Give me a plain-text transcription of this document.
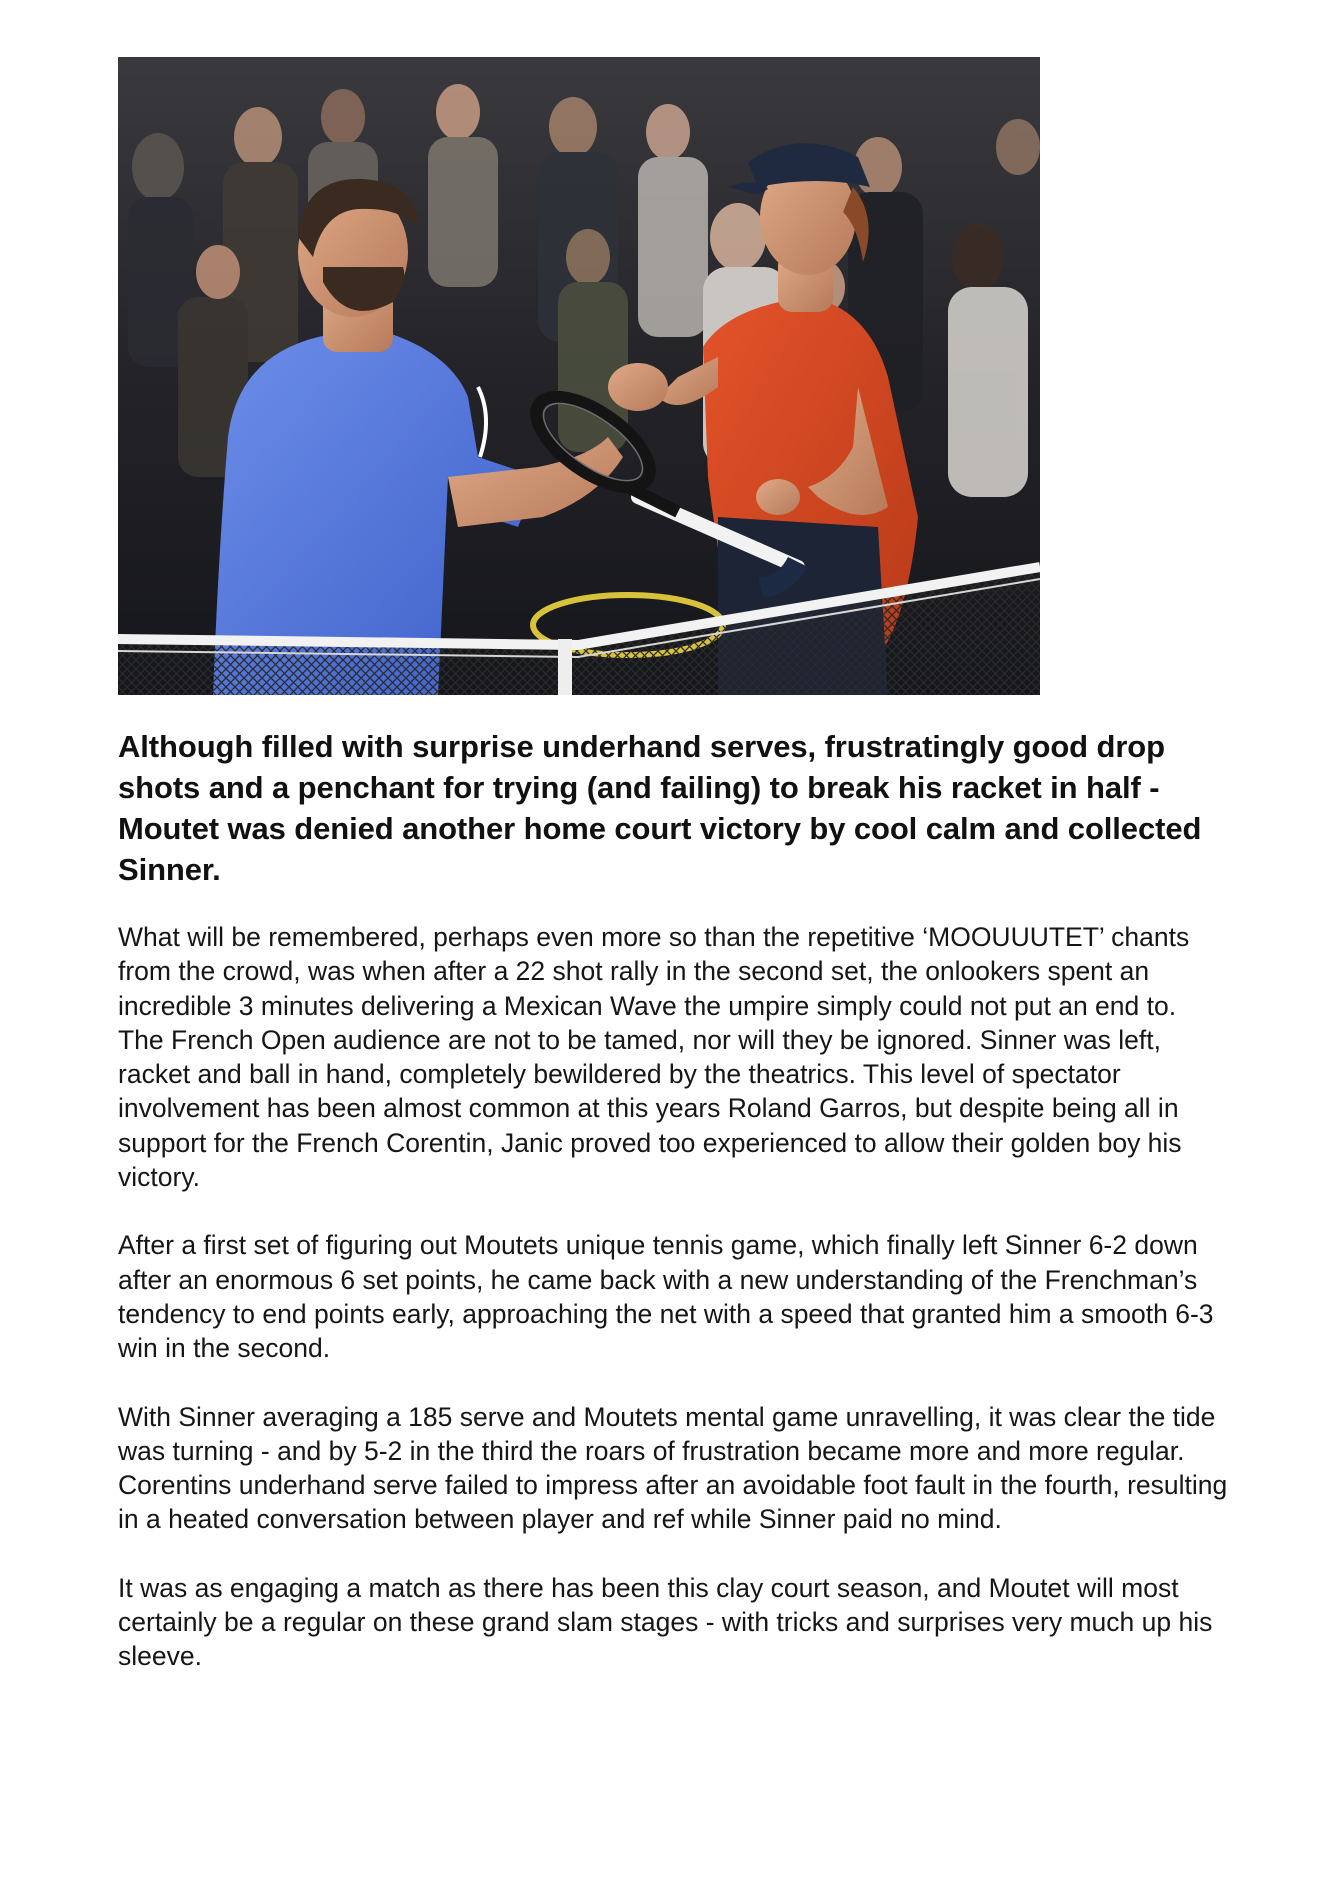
Although filled with surprise underhand serves, frustratingly good drop shots and a penchant for trying (and failing) to break his racket in half - Moutet was denied another home court victory by cool calm and collected Sinner.

What will be remembered, perhaps even more so than the repetitive ‘MOOUUUTET’ chants from the crowd, was when after a 22 shot rally in the second set, the onlookers spent an incredible 3 minutes delivering a Mexican Wave the umpire simply could not put an end to. The French Open audience are not to be tamed, nor will they be ignored. Sinner was left, racket and ball in hand, completely bewildered by the theatrics. This level of spectator involvement has been almost common at this years Roland Garros, but despite being all in support for the French Corentin, Janic proved too experienced to allow their golden boy his victory.

After a first set of figuring out Moutets unique tennis game, which finally left Sinner 6-2 down after an enormous 6 set points, he came back with a new understanding of the Frenchman’s tendency to end points early, approaching the net with a speed that granted him a smooth 6-3 win in the second.

With Sinner averaging a 185 serve and Moutets mental game unravelling, it was clear the tide was turning - and by 5-2 in the third the roars of frustration became more and more regular. Corentins underhand serve failed to impress after an avoidable foot fault in the fourth, resulting in a heated conversation between player and ref while Sinner paid no mind.

It was as engaging a match as there has been this clay court season, and Moutet will most certainly be a regular on these grand slam stages - with tricks and surprises very much up his sleeve.
